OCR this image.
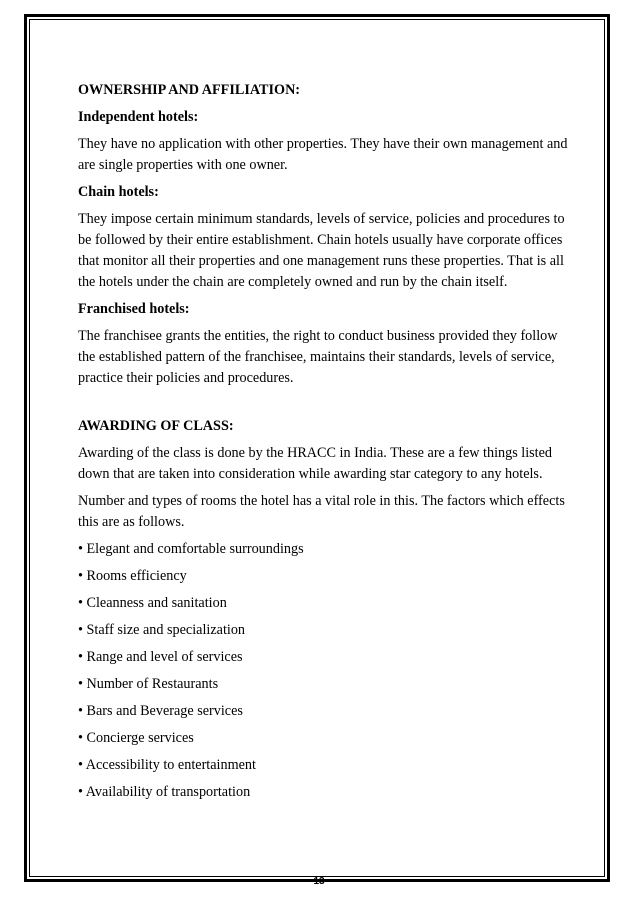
OWNERSHIP AND AFFILIATION:

Independent hotels:

They have no application with other properties. They have their own management and are single properties with one owner.

Chain hotels:

They impose certain minimum standards, levels of service, policies and procedures to be followed by their entire establishment. Chain hotels usually have corporate offices that monitor all their properties and one management runs these properties. That is all the hotels under the chain are completely owned and run by the chain itself.

Franchised hotels:

The franchisee grants the entities, the right to conduct business provided they follow the established pattern of the franchisee, maintains their standards, levels of service, practice their policies and procedures.

AWARDING OF CLASS:

Awarding of the class is done by the HRACC in India. These are a few things listed down that are taken into consideration while awarding star category to any hotels.

Number and types of rooms the hotel has a vital role in this. The factors which effects this are as follows.

• Elegant and comfortable surroundings

• Rooms efficiency

• Cleanness and sanitation

• Staff size and specialization

• Range and level of services

• Number of Restaurants

• Bars and Beverage services

• Concierge services

• Accessibility to entertainment

• Availability of transportation

13
